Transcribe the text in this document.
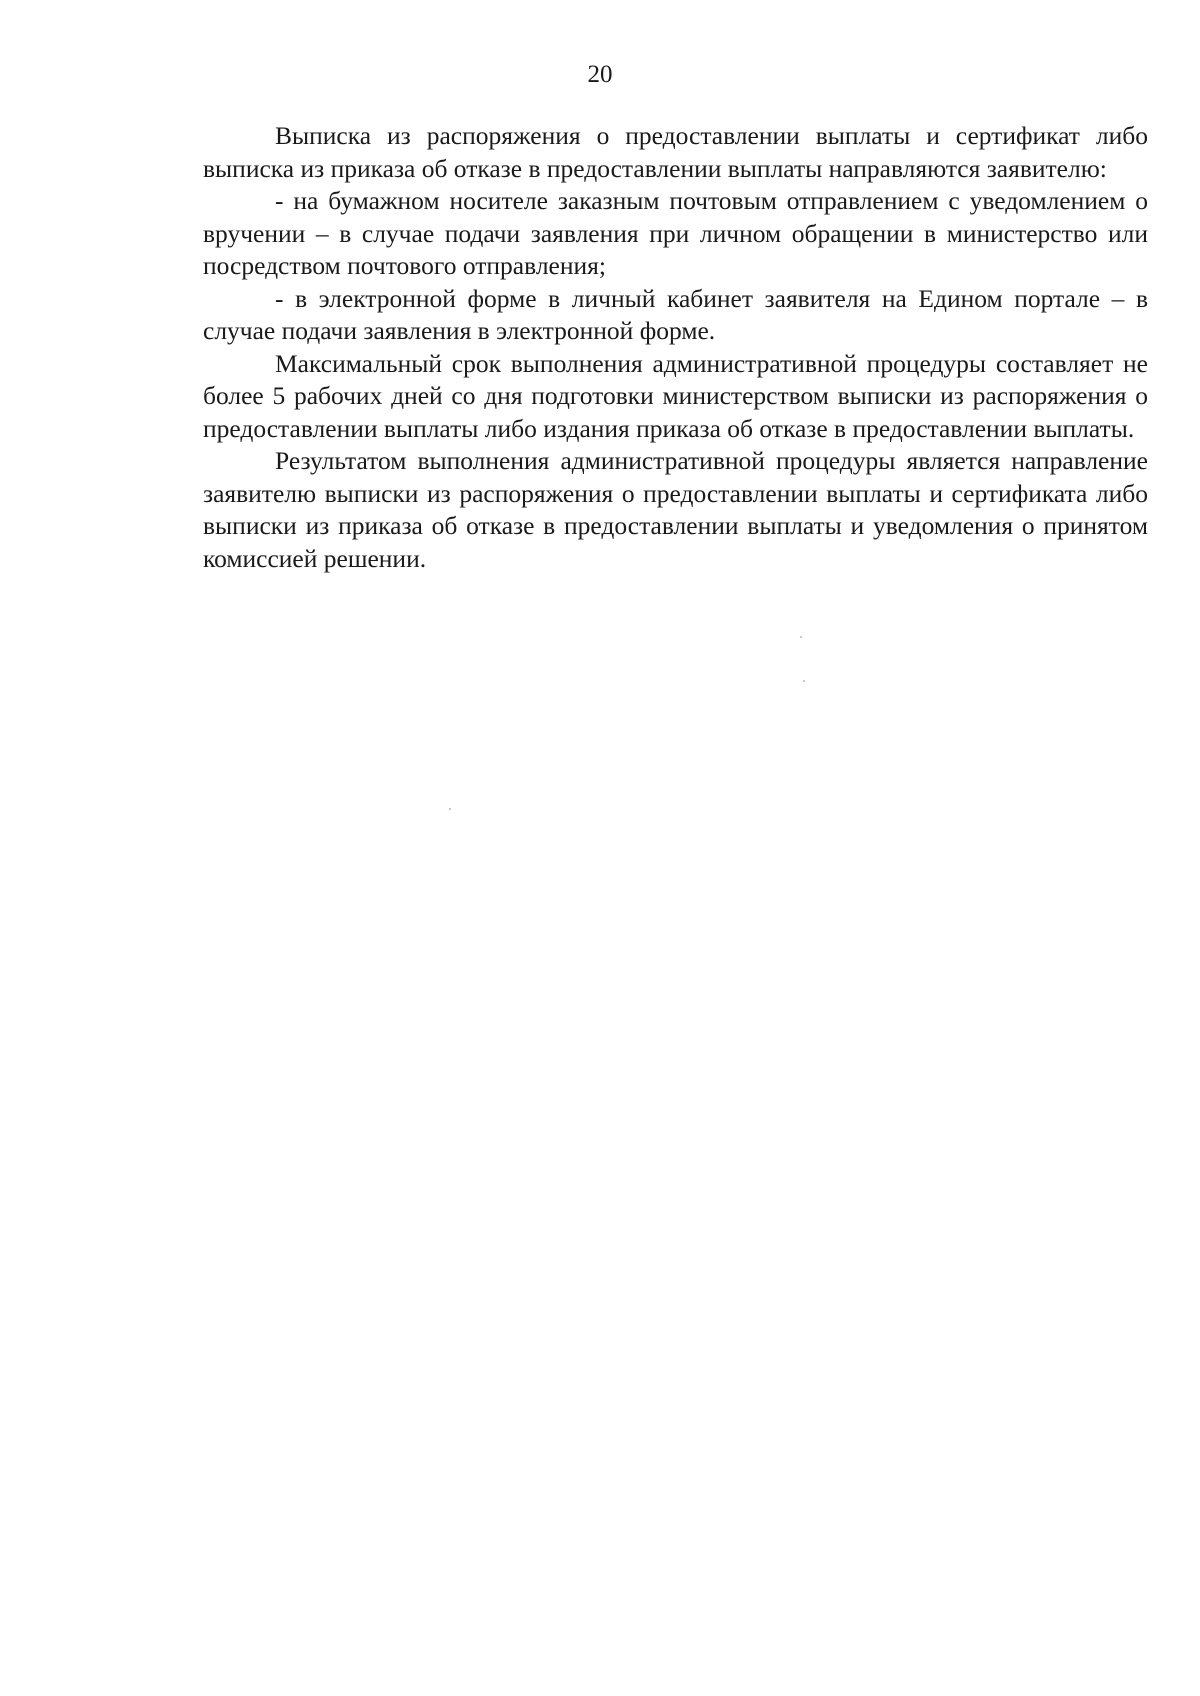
20

Выписка из распоряжения о предоставлении выплаты и сертификат либо выписка из приказа об отказе в предоставлении выплаты направляются заявителю:

- на бумажном носителе заказным почтовым отправлением с уведомлением о вручении – в случае подачи заявления при личном обращении в министерство или посредством почтового отправления;

- в электронной форме в личный кабинет заявителя на Едином портале – в случае подачи заявления в электронной форме.

Максимальный срок выполнения административной процедуры составляет не более 5 рабочих дней со дня подготовки министерством выписки из распоряжения о предоставлении выплаты либо издания приказа об отказе в предоставлении выплаты.

Результатом выполнения административной процедуры является направление заявителю выписки из распоряжения о предоставлении выплаты и сертификата либо выписки из приказа об отказе в предоставлении выплаты и уведомления о принятом комиссией решении.
